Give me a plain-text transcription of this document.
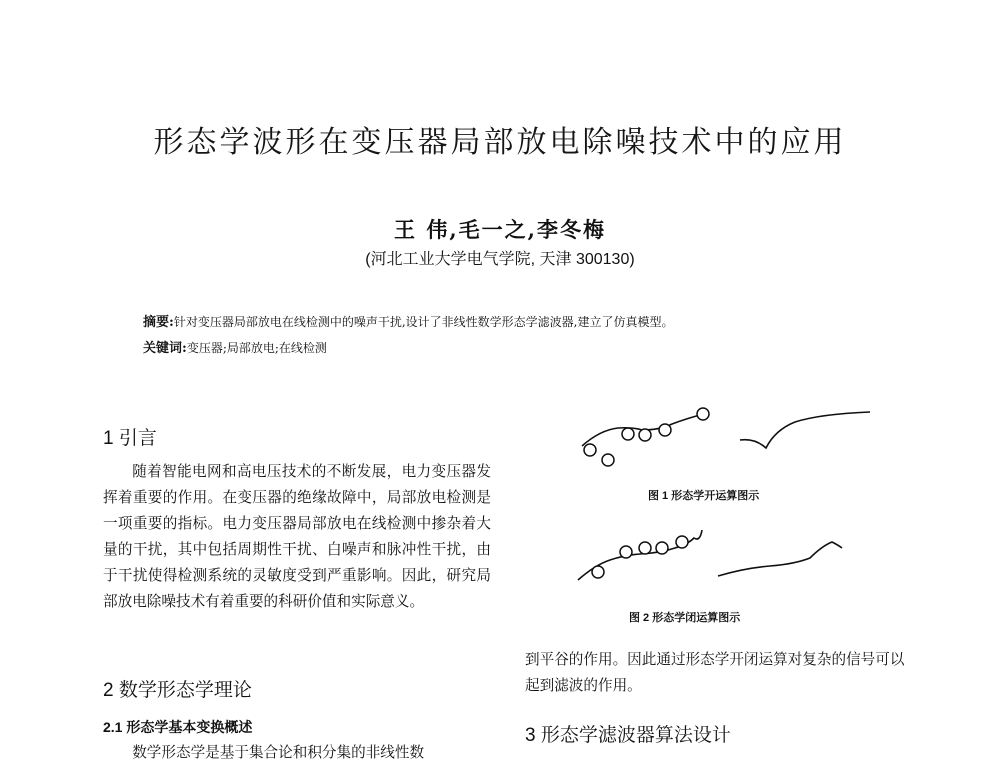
形态学波形在变压器局部放电除噪技术中的应用
王 伟,毛一之,李冬梅
(河北工业大学电气学院, 天津 300130)
摘要:针对变压器局部放电在线检测中的噪声干扰,设计了非线性数学形态学滤波器,建立了仿真模型。
关键词:变压器;局部放电;在线检测
1 引言
随着智能电网和高电压技术的不断发展，电力变压器发挥着重要的作用。在变压器的绝缘故障中，局部放电检测是一项重要的指标。电力变压器局部放电在线检测中掺杂着大量的干扰，其中包括周期性干扰、白噪声和脉冲性干扰，由于干扰使得检测系统的灵敏度受到严重影响。因此，研究局部放电除噪技术有着重要的科研价值和实际意义。
2 数学形态学理论
2.1 形态学基本变换概述
数学形态学是基于集合论和积分集的非线性数
图 1 形态学开运算图示
图 2 形态学闭运算图示
到平谷的作用。因此通过形态学开闭运算对复杂的信号可以起到滤波的作用。
3 形态学滤波器算法设计
